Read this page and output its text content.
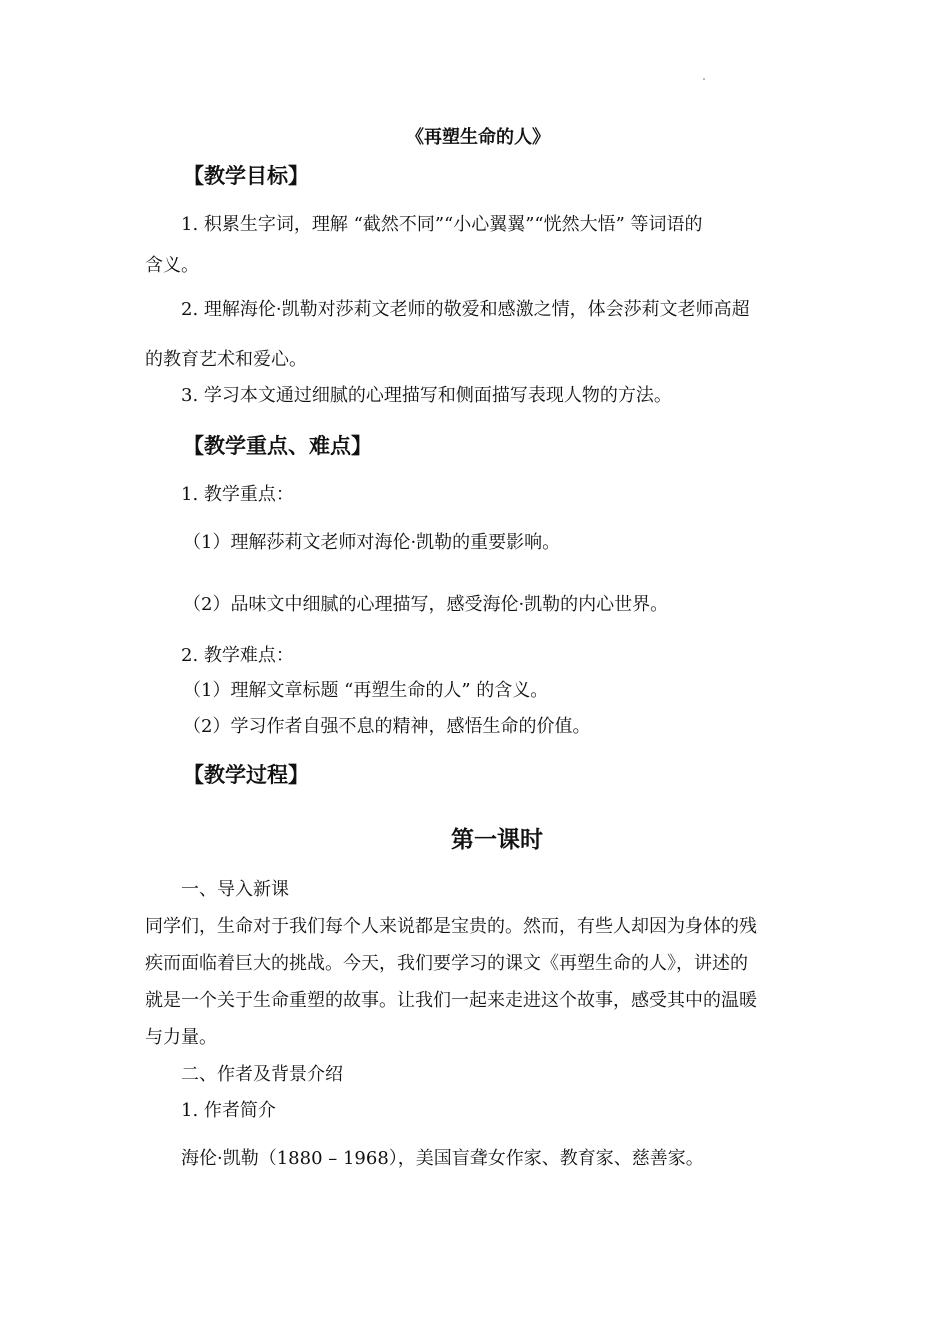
《再塑生命的人》
【教学目标】
1. 积累生字词，理解 “截然不同”“小心翼翼”“恍然大悟” 等词语的
含义。
2. 理解海伦·凯勒对莎莉文老师的敬爱和感激之情，体会莎莉文老师高超
的教育艺术和爱心。
3. 学习本文通过细腻的心理描写和侧面描写表现人物的方法。
【教学重点、难点】
1. 教学重点：
（1）理解莎莉文老师对海伦·凯勒的重要影响。
（2）品味文中细腻的心理描写，感受海伦·凯勒的内心世界。
2. 教学难点：
（1）理解文章标题 “再塑生命的人” 的含义。
（2）学习作者自强不息的精神，感悟生命的价值。
【教学过程】
第一课时
一、导入新课
同学们，生命对于我们每个人来说都是宝贵的。然而，有些人却因为身体的残
疾而面临着巨大的挑战。今天，我们要学习的课文《再塑生命的人》，讲述的
就是一个关于生命重塑的故事。让我们一起来走进这个故事，感受其中的温暖
与力量。
二、作者及背景介绍
1. 作者简介
海伦·凯勒（1880 – 1968），美国盲聋女作家、教育家、慈善家。
